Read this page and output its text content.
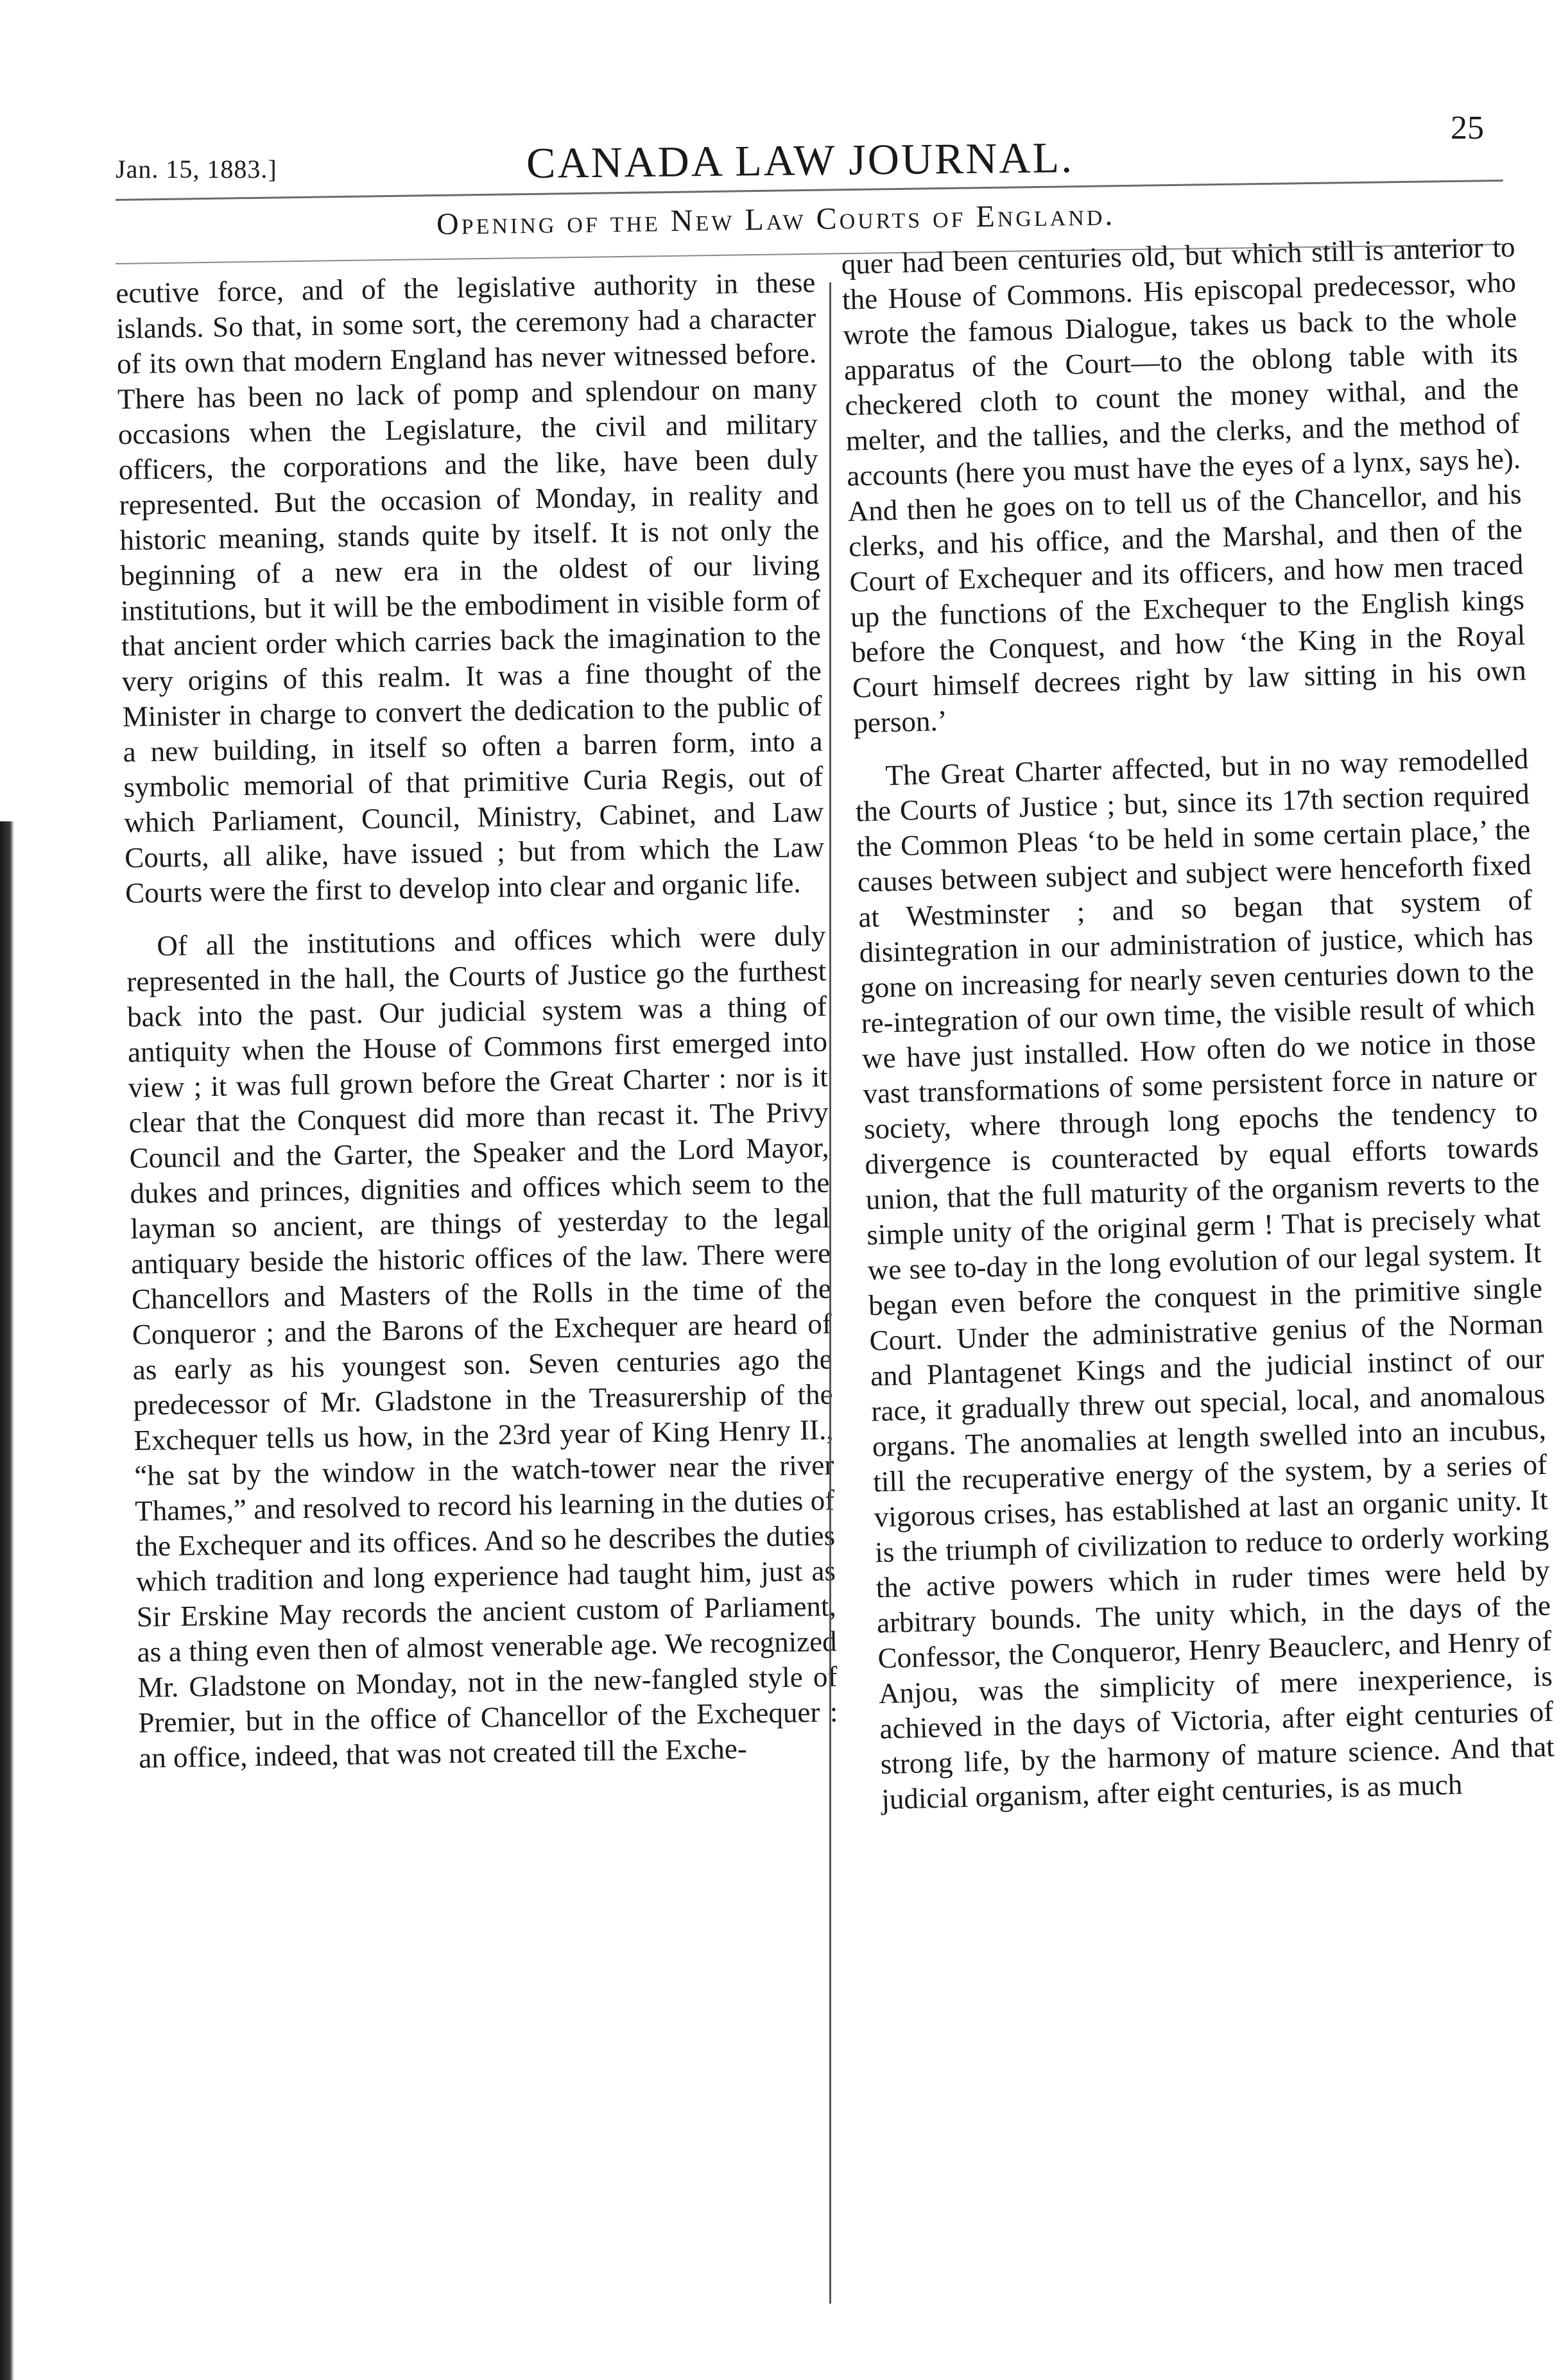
Jan. 15, 1883.]	CANADA LAW JOURNAL.
25
Opening of the New Law Courts of England.

ecutive force, and of the legislative authority in these islands. So that, in some sort, the ceremony had a character of its own that modern England has never witnessed before. There has been no lack of pomp and splendour on many occasions when the Legislature, the civil and military officers, the corporations and the like, have been duly represented. But the occasion of Monday, in reality and historic meaning, stands quite by itself. It is not only the beginning of a new era in the oldest of our living institutions, but it will be the embodiment in visible form of that ancient order which carries back the imagination to the very origins of this realm. It was a fine thought of the Minister in charge to convert the dedication to the public of a new building, in itself so often a barren form, into a symbolic memorial of that primitive Curia Regis, out of which Parliament, Council, Ministry, Cabinet, and Law Courts, all alike, have issued ; but from which the Law Courts were the first to develop into clear and organic life.

Of all the institutions and offices which were duly represented in the hall, the Courts of Justice go the furthest back into the past. Our judicial system was a thing of antiquity when the House of Commons first emerged into view ; it was full grown before the Great Charter : nor is it clear that the Conquest did more than recast it. The Privy Council and the Garter, the Speaker and the Lord Mayor, dukes and princes, dignities and offices which seem to the layman so ancient, are things of yesterday to the legal antiquary beside the historic offices of the law. There were Chancellors and Masters of the Rolls in the time of the Conqueror ; and the Barons of the Exchequer are heard of as early as his youngest son. Seven centuries ago the predecessor of Mr. Gladstone in the Treasurership of the Exchequer tells us how, in the 23rd year of King Henry II., “he sat by the window in the watch-tower near the river Thames,” and resolved to record his learning in the duties of the Exchequer and its offices. And so he describes the duties which tradition and long experience had taught him, just as Sir Erskine May records the ancient custom of Parliament, as a thing even then of almost venerable age. We recognized Mr. Gladstone on Monday, not in the new-fangled style of Premier, but in the office of Chancellor of the Exchequer : an office, indeed, that was not created till the Exche-

quer had been centuries old, but which still is anterior to the House of Commons. His episcopal predecessor, who wrote the famous Dialogue, takes us back to the whole apparatus of the Court—to the oblong table with its checkered cloth to count the money withal, and the melter, and the tallies, and the clerks, and the method of accounts (here you must have the eyes of a lynx, says he). And then he goes on to tell us of the Chancellor, and his clerks, and his office, and the Marshal, and then of the Court of Exchequer and its officers, and how men traced up the functions of the Exchequer to the English kings before the Conquest, and how ‘the King in the Royal Court himself decrees right by law sitting in his own person.’

The Great Charter affected, but in no way remodelled the Courts of Justice ; but, since its 17th section required the Common Pleas ‘to be held in some certain place,’ the causes between subject and subject were henceforth fixed at Westminster ; and so began that system of disintegration in our administration of justice, which has gone on increasing for nearly seven centuries down to the re-integration of our own time, the visible result of which we have just installed. How often do we notice in those vast transformations of some persistent force in nature or society, where through long epochs the tendency to divergence is counteracted by equal efforts towards union, that the full maturity of the organism reverts to the simple unity of the original germ ! That is precisely what we see to-day in the long evolution of our legal system. It began even before the conquest in the primitive single Court. Under the administrative genius of the Norman and Plantagenet Kings and the judicial instinct of our race, it gradually threw out special, local, and anomalous organs. The anomalies at length swelled into an incubus, till the recuperative energy of the system, by a series of vigorous crises, has established at last an organic unity. It is the triumph of civilization to reduce to orderly working the active powers which in ruder times were held by arbitrary bounds. The unity which, in the days of the Confessor, the Conqueror, Henry Beauclerc, and Henry of Anjou, was the simplicity of mere inexperience, is achieved in the days of Victoria, after eight centuries of strong life, by the harmony of mature science. And that judicial organism, after eight centuries, is as much
